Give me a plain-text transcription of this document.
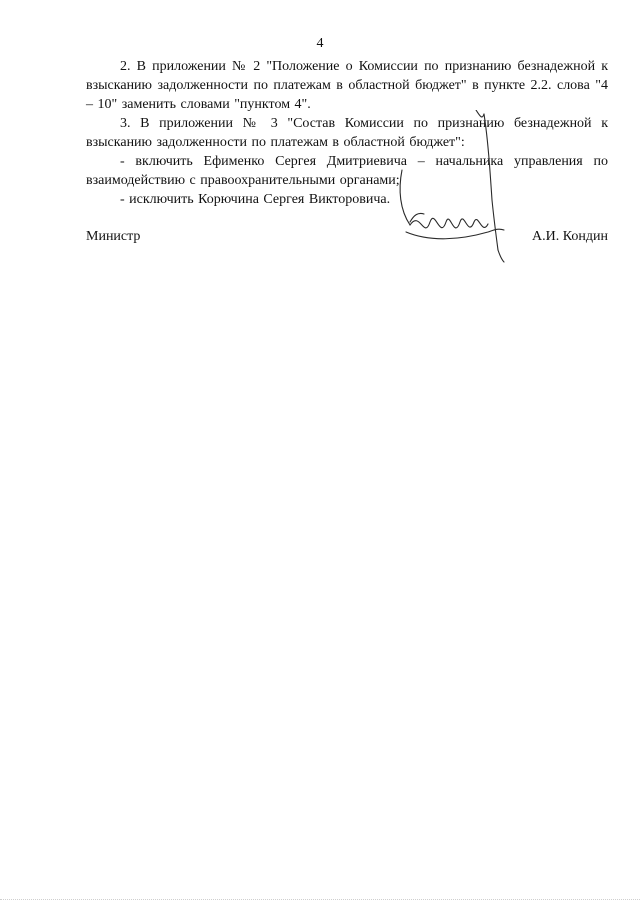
4

2. В приложении № 2 "Положение о Комиссии по признанию безнадежной к взысканию задолженности по платежам в областной бюджет" в пункте 2.2. слова "4 – 10" заменить словами "пунктом 4".

3. В приложении № 3 "Состав Комиссии по признанию безнадежной к взысканию задолженности по платежам в областной бюджет":

- включить Ефименко Сергея Дмитриевича – начальника управления по взаимодействию с правоохранительными органами;

- исключить Корючина Сергея Викторовича.

Министр	А.И. Кондин
